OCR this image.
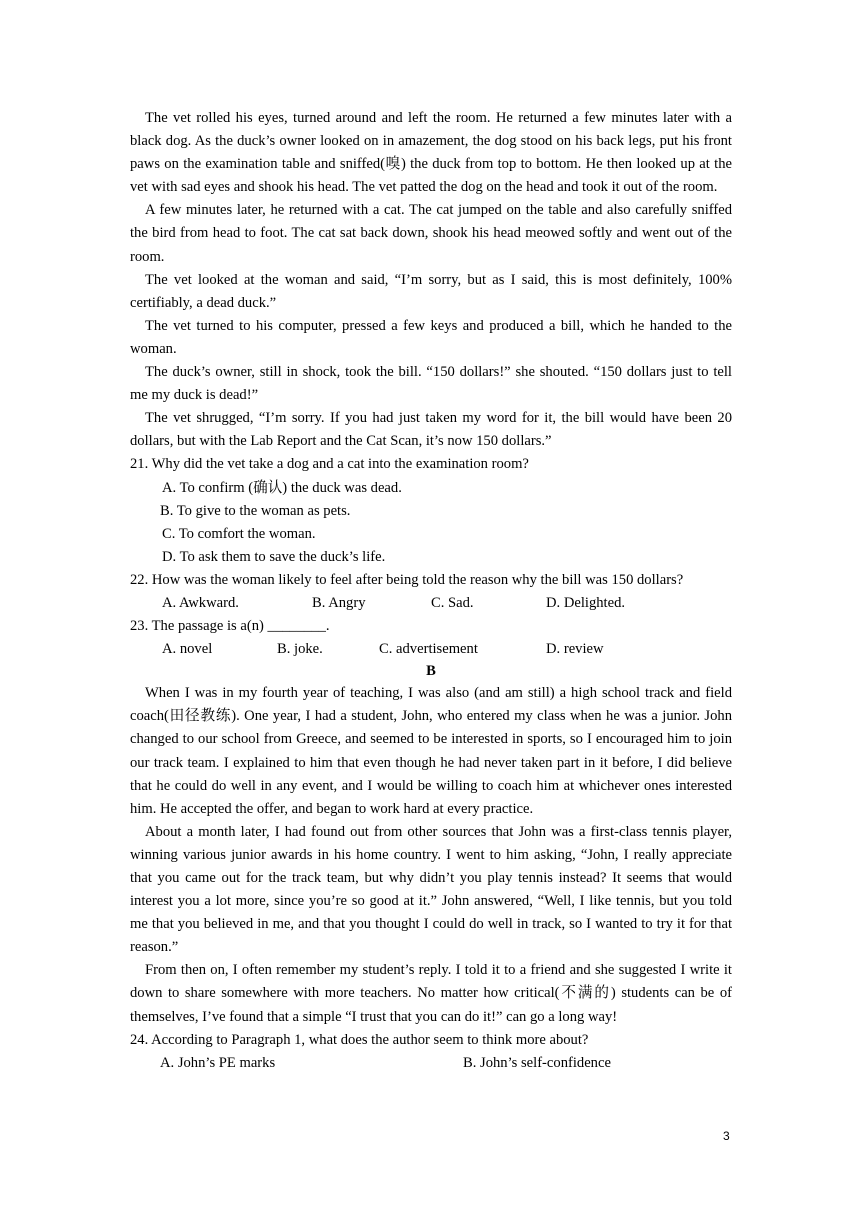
The vet rolled his eyes, turned around and left the room. He returned a few minutes later with a black dog. As the duck’s owner looked on in amazement, the dog stood on his back legs, put his front paws on the examination table and sniffed(嗅) the duck from top to bottom. He then looked up at the vet with sad eyes and shook his head. The vet patted the dog on the head and took it out of the room.

A few minutes later, he returned with a cat. The cat jumped on the table and also carefully sniffed the bird from head to foot. The cat sat back down, shook his head meowed softly and went out of the room.

The vet looked at the woman and said, “I’m sorry, but as I said, this is most definitely, 100% certifiably, a dead duck.”

The vet turned to his computer, pressed a few keys and produced a bill, which he handed to the woman.

The duck’s owner, still in shock, took the bill. “150 dollars!” she shouted. “150 dollars just to tell me my duck is dead!”

The vet shrugged, “I’m sorry. If you had just taken my word for it, the bill would have been 20 dollars, but with the Lab Report and the Cat Scan, it’s now 150 dollars.”

21. Why did the vet take a dog and a cat into the examination room?

A. To confirm (确认) the duck was dead.

B. To give to the woman as pets.

C. To comfort the woman.

D. To ask them to save the duck’s life.

22. How was the woman likely to feel after being told the reason why the bill was 150 dollars?

A. Awkward.	B. Angry	C. Sad.	D. Delighted.

23. The passage is a(n) ________.

A. novel	B. joke.	C. advertisement	D. review

B

When I was in my fourth year of teaching, I was also (and am still) a high school track and field coach(田径教练). One year, I had a student, John, who entered my class when he was a junior. John changed to our school from Greece, and seemed to be interested in sports, so I encouraged him to join our track team. I explained to him that even though he had never taken part in it before, I did believe that he could do well in any event, and I would be willing to coach him at whichever ones interested him. He accepted the offer, and began to work hard at every practice.

About a month later, I had found out from other sources that John was a first-class tennis player, winning various junior awards in his home country. I went to him asking, “John, I really appreciate that you came out for the track team, but why didn’t you play tennis instead? It seems that would interest you a lot more, since you’re so good at it.” John answered, “Well, I like tennis, but you told me that you believed in me, and that you thought I could do well in track, so I wanted to try it for that reason.”

From then on, I often remember my student’s reply. I told it to a friend and she suggested I write it down to share somewhere with more teachers. No matter how critical(不满的) students can be of themselves, I’ve found that a simple “I trust that you can do it!” can go a long way!

24. According to Paragraph 1, what does the author seem to think more about?

A. John’s PE marks	B. John’s self-confidence
3
